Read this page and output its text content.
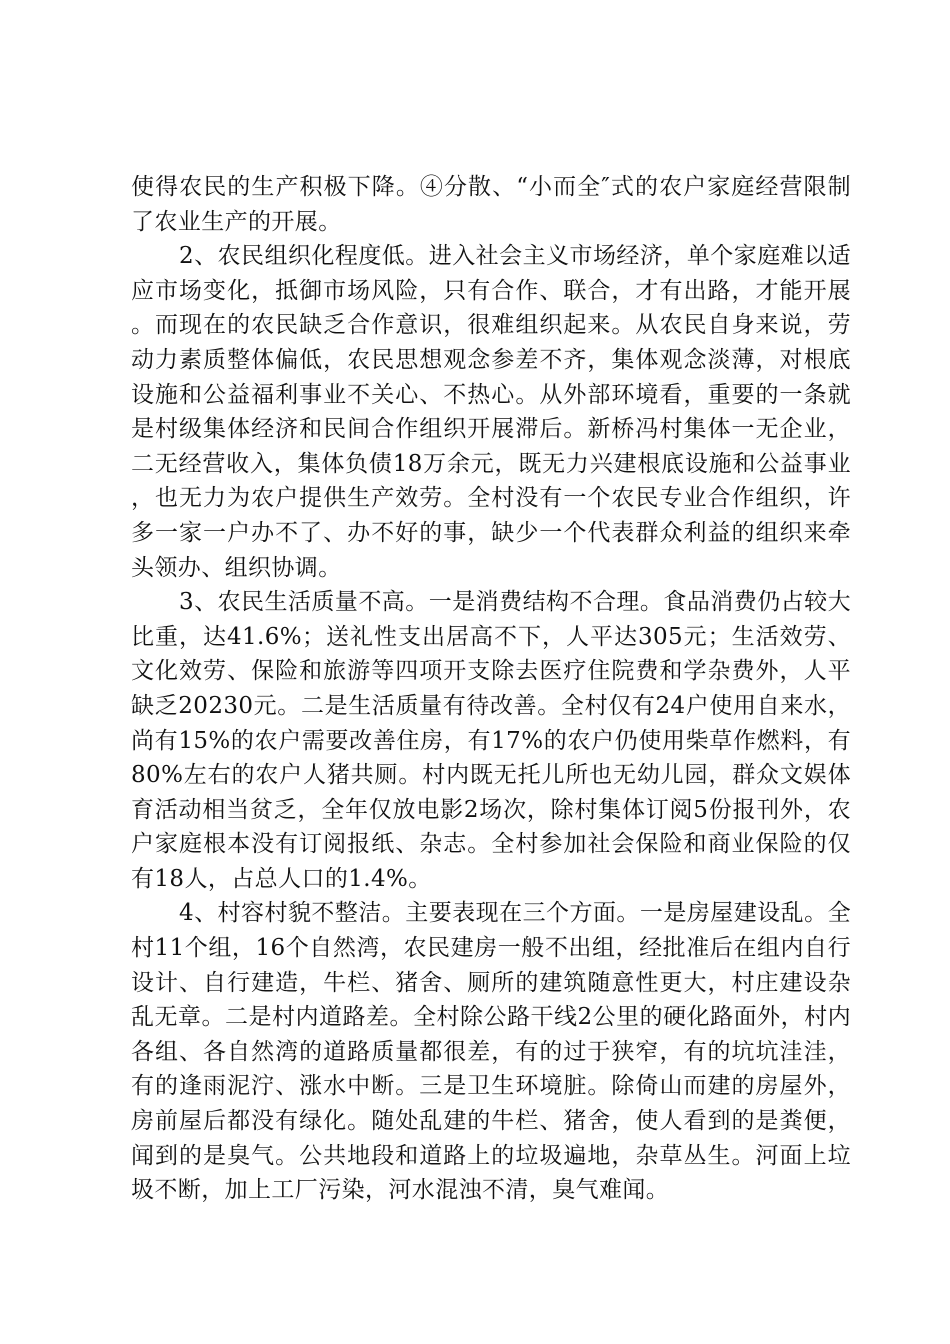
使得农民的生产积极下降。④分散、“小而全″式的农户家庭经营限制了农业生产的开展。

2、农民组织化程度低。进入社会主义市场经济，单个家庭难以适应市场变化，抵御市场风险，只有合作、联合，才有出路，才能开展。而现在的农民缺乏合作意识，很难组织起来。从农民自身来说，劳动力素质整体偏低，农民思想观念参差不齐，集体观念淡薄，对根底设施和公益福利事业不关心、不热心。从外部环境看，重要的一条就是村级集体经济和民间合作组织开展滞后。新桥冯村集体一无企业，二无经营收入，集体负债18万余元，既无力兴建根底设施和公益事业，也无力为农户提供生产效劳。全村没有一个农民专业合作组织，许多一家一户办不了、办不好的事，缺少一个代表群众利益的组织来牵头领办、组织协调。

3、农民生活质量不高。一是消费结构不合理。食品消费仍占较大比重，达41.6%；送礼性支出居高不下，人平达305元；生活效劳、文化效劳、保险和旅游等四项开支除去医疗住院费和学杂费外，人平缺乏20230元。二是生活质量有待改善。全村仅有24户使用自来水，尚有15%的农户需要改善住房，有17%的农户仍使用柴草作燃料，有80%左右的农户人猪共厕。村内既无托儿所也无幼儿园，群众文娱体育活动相当贫乏，全年仅放电影2场次，除村集体订阅5份报刊外，农户家庭根本没有订阅报纸、杂志。全村参加社会保险和商业保险的仅有18人，占总人口的1.4%。

4、村容村貌不整洁。主要表现在三个方面。一是房屋建设乱。全村11个组，16个自然湾，农民建房一般不出组，经批准后在组内自行设计、自行建造，牛栏、猪舍、厕所的建筑随意性更大，村庄建设杂乱无章。二是村内道路差。全村除公路干线2公里的硬化路面外，村内各组、各自然湾的道路质量都很差，有的过于狭窄，有的坑坑洼洼，有的逢雨泥泞、涨水中断。三是卫生环境脏。除倚山而建的房屋外，房前屋后都没有绿化。随处乱建的牛栏、猪舍，使人看到的是粪便，闻到的是臭气。公共地段和道路上的垃圾遍地，杂草丛生。河面上垃圾不断，加上工厂污染，河水混浊不清，臭气难闻。
